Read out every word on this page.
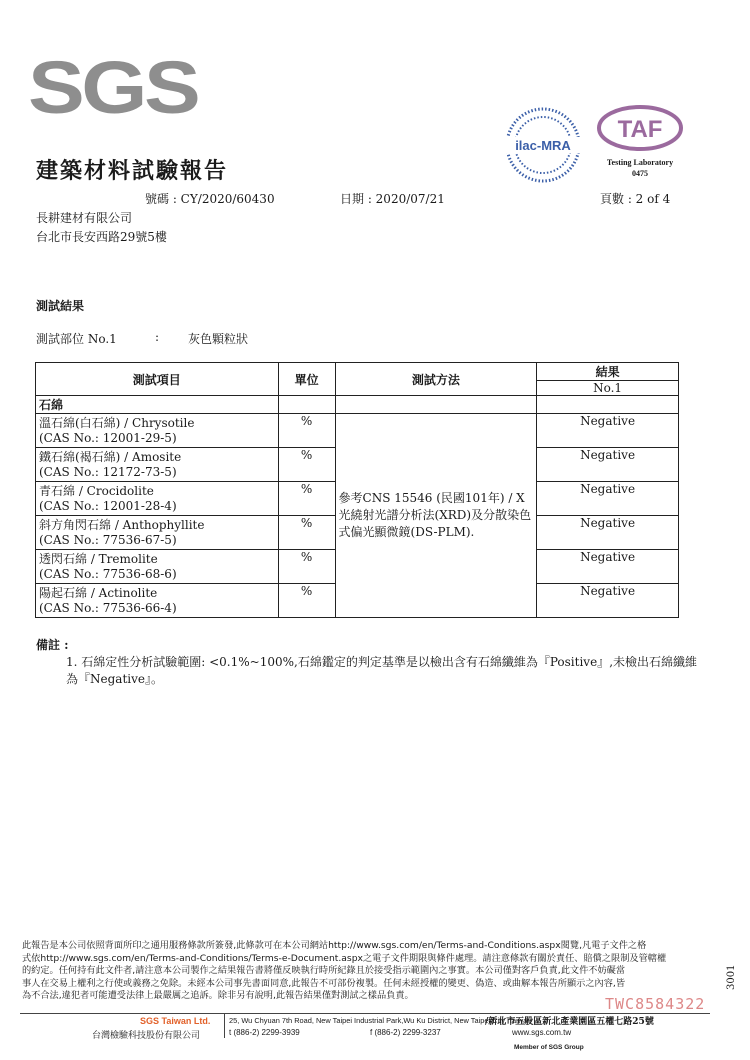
SGS
建築材料試驗報告
號碼 : CY/2020/60430	日期 : 2020/07/21	頁數 : 2 of 4
ilac-MRA
TAF
Testing Laboratory
0475
長耕建材有限公司
台北市長安西路29號5樓
測試結果
測試部位 No.1	: 灰色顆粒狀
測試項目	單位	測試方法	結果
			No.1
石綿			

溫石綿(白石綿) / Chrysotile
(CAS No.: 12001-29-5)	%	參考CNS 15546 (民國101年) / X光繞射光譜分析法(XRD)及分散染色式偏光顯微鏡(DS-PLM).	Negative

鐵石綿(褐石綿) / Amosite
(CAS No.: 12172-73-5)	%		Negative

青石綿 / Crocidolite
(CAS No.: 12001-28-4)	%		Negative

斜方角閃石綿 / Anthophyllite
(CAS No.: 77536-67-5)	%		Negative

透閃石綿 / Tremolite
(CAS No.: 77536-68-6)	%		Negative

陽起石綿 / Actinolite
(CAS No.: 77536-66-4)	%		Negative
備註 :
1. 石綿定性分析試驗範圍: <0.1%~100%,石綿鑑定的判定基準是以檢出含有石綿纖維為『Positive』,未檢出石綿纖維為『Negative』。
此報告是本公司依照背面所印之通用服務條款所簽發,此條款可在本公司網站http://www.sgs.com/en/Terms-and-Conditions.aspx閱覽,凡電子文件之格
式依http://www.sgs.com/en/Terms-and-Conditions/Terms-e-Document.aspx之電子文件期限與條件處理。請注意條款有關於責任、賠償之限制及管轄權
的約定。任何持有此文件者,請注意本公司製作之結果報告書將僅反映執行時所紀錄且於接受指示範圍內之事實。本公司僅對客戶負責,此文件不妨礙當
事人在交易上權利之行使或義務之免除。未經本公司事先書面同意,此報告不可部份複製。任何未經授權的變更、偽造、或曲解本報告所顯示之內容,皆
為不合法,違犯者可能遭受法律上最嚴厲之追訴。除非另有說明,此報告結果僅對測試之樣品負責。	TWC8584322
SGS Taiwan Ltd.
台灣檢驗科技股份有限公司
25, Wu Chyuan 7th Road, New Taipei Industrial Park,Wu Ku District, New Taipei City, Taiwan
/新北市五股區新北產業園區五權七路25號
t (886-2) 2299-3939	f (886-2) 2299-3237	www.sgs.com.tw
Member of SGS Group
3001
